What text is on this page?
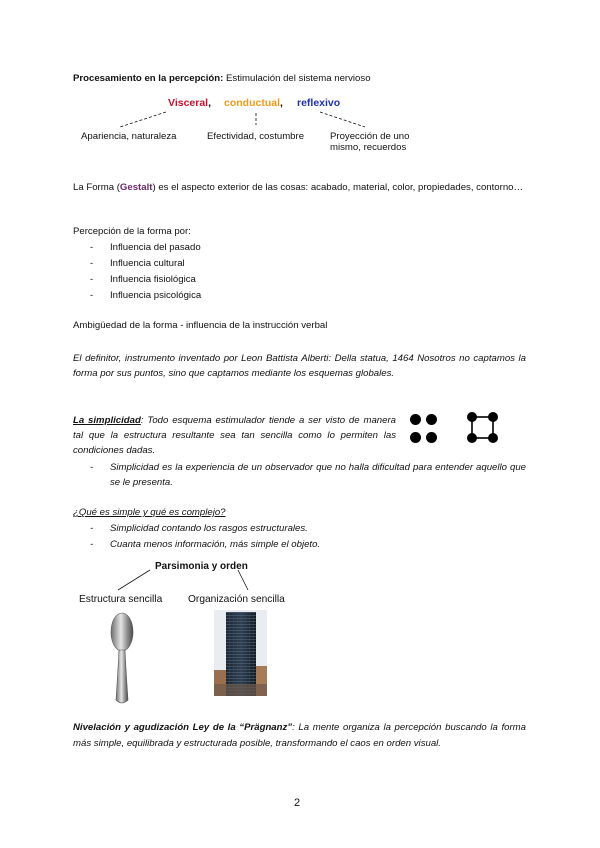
Procesamiento en la percepción: Estimulación del sistema nervioso
Visceral, conductual, reflexivo
Apariencia, naturaleza	Efectividad, costumbre	Proyección de uno mismo, recuerdos

La Forma (Gestalt) es el aspecto exterior de las cosas: acabado, material, color, propiedades, contorno…

Percepción de la forma por:
- Influencia del pasado
- Influencia cultural
- Influencia fisiológica
- Influencia psicológica
Ambigüedad de la forma - influencia de la instrucción verbal

El definitor, instrumento inventado por Leon Battista Alberti: Della statua, 1464 Nosotros no captamos la forma por sus puntos, sino que captamos mediante los esquemas globales.

La simplicidad: Todo esquema estimulador tiende a ser visto de manera tal que la estructura resultante sea tan sencilla como lo permiten las condiciones dadas.

- Simplicidad es la experiencia de un observador que no halla dificultad para entender aquello que se le presenta.
¿Qué es simple y qué es complejo?
- Simplicidad contando los rasgos estructurales.
- Cuanta menos información, más simple el objeto.
Parsimonia y orden
Estructura sencilla	Organización sencilla

Nivelación y agudización Ley de la “Prägnanz”: La mente organiza la percepción buscando la forma más simple, equilibrada y estructurada posible, transformando el caos en orden visual.

2
